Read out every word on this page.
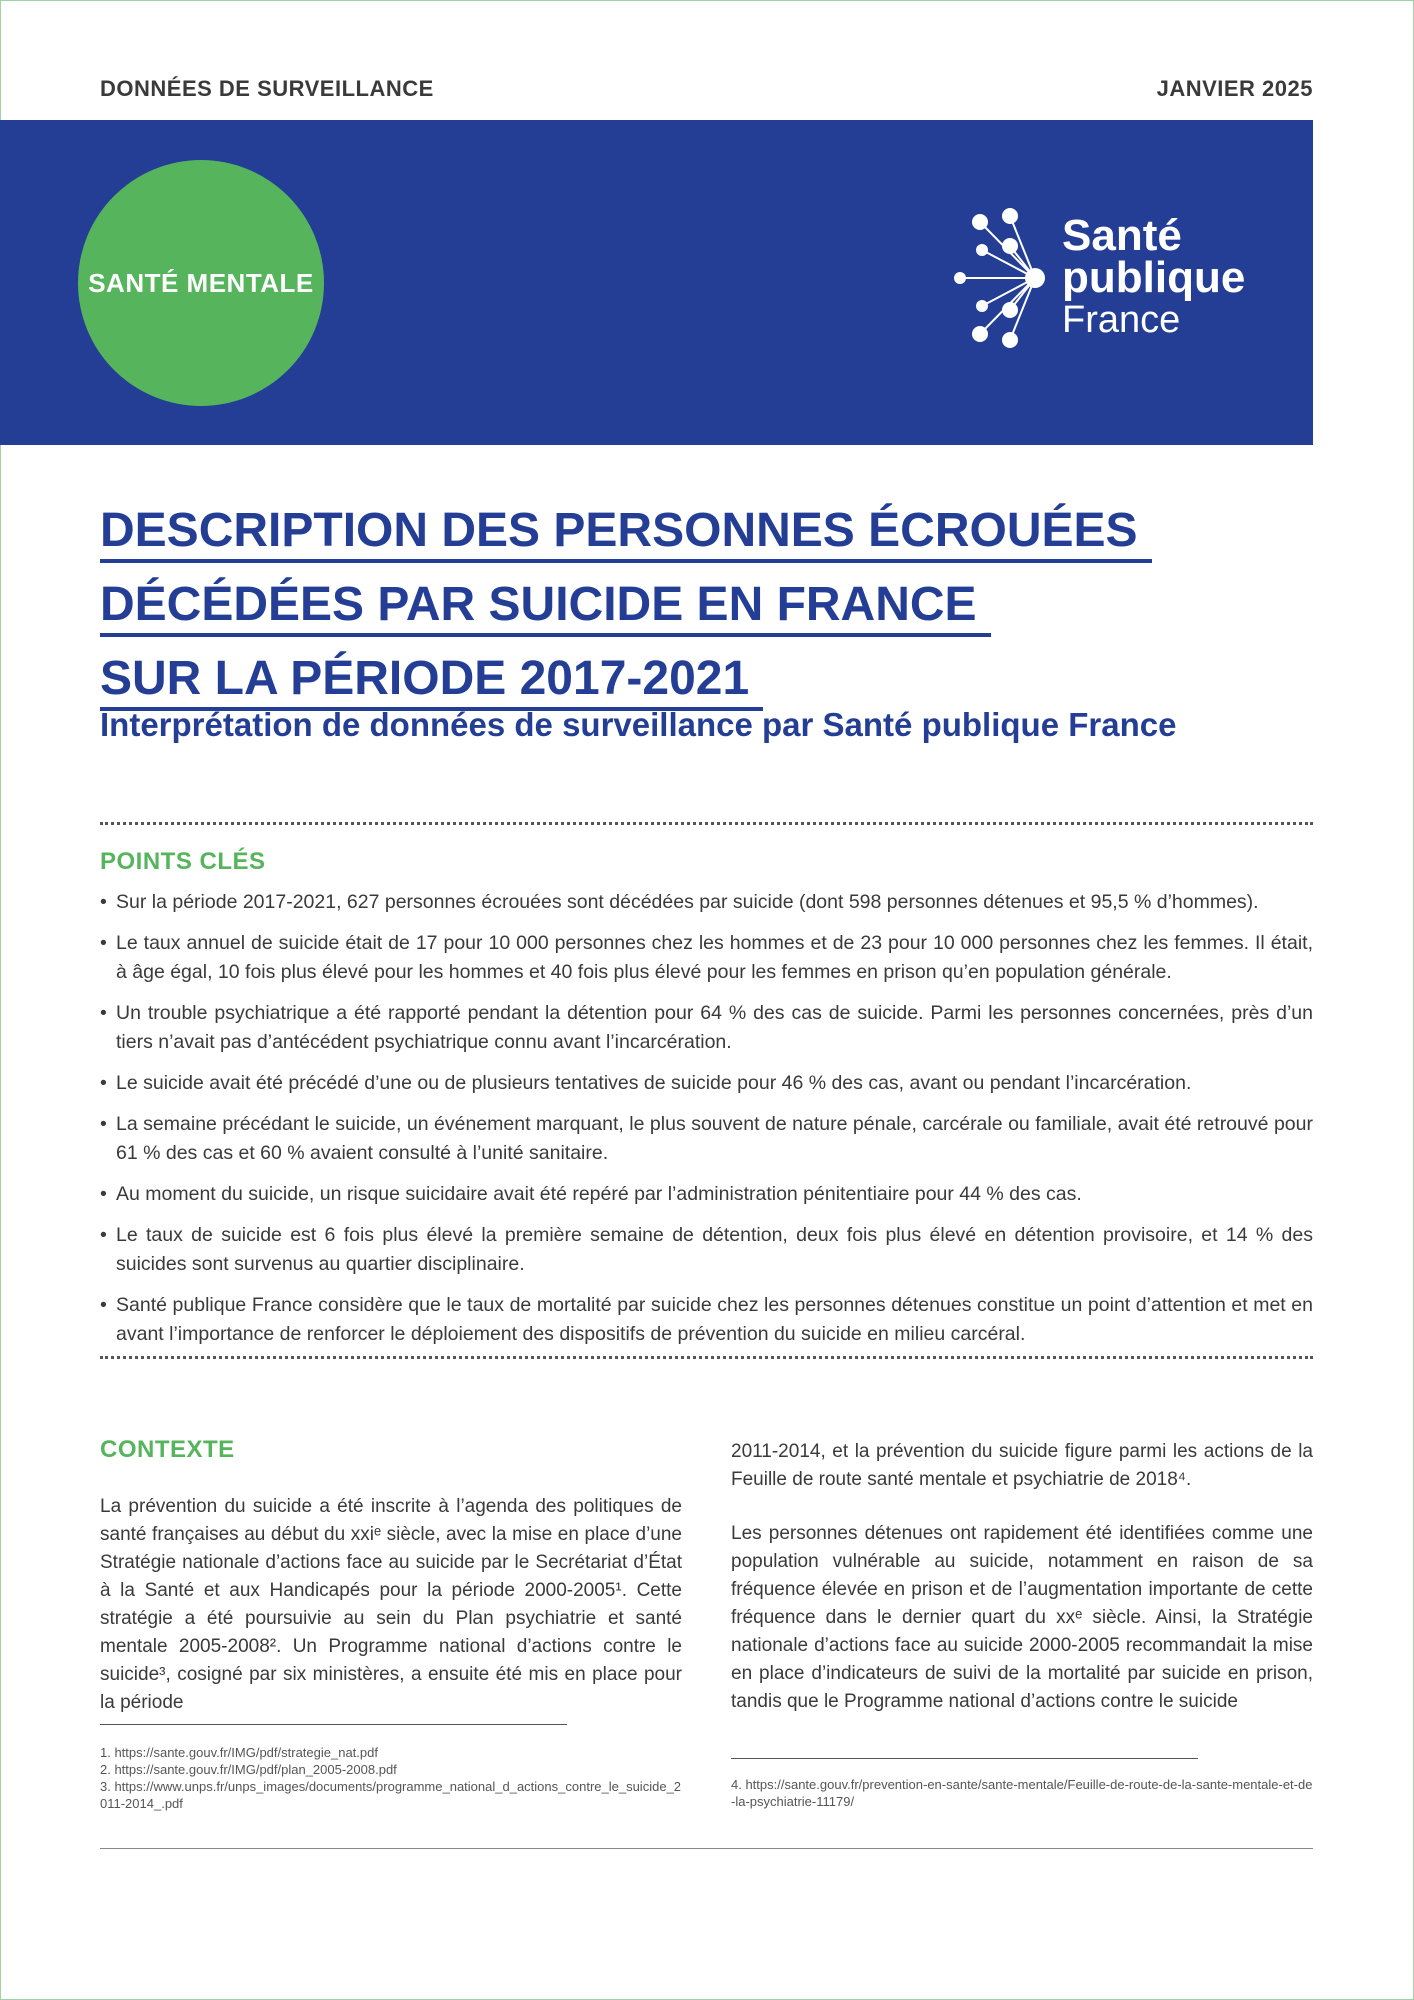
DONNÉES DE SURVEILLANCE	JANVIER 2025
SANTÉ MENTALE
Santé
publique
France
DESCRIPTION DES PERSONNES ÉCROUÉES
DÉCÉDÉES PAR SUICIDE EN FRANCE
SUR LA PÉRIODE 2017-2021
Interprétation de données de surveillance par Santé publique France
POINTS CLÉS
• Sur la période 2017-2021, 627 personnes écrouées sont décédées par suicide (dont 598 personnes détenues et 95,5 % d’hommes).
• Le taux annuel de suicide était de 17 pour 10 000 personnes chez les hommes et de 23 pour 10 000 personnes chez les femmes. Il était, à âge égal, 10 fois plus élevé pour les hommes et 40 fois plus élevé pour les femmes en prison qu’en population générale.
• Un trouble psychiatrique a été rapporté pendant la détention pour 64 % des cas de suicide. Parmi les personnes concernées, près d’un tiers n’avait pas d’antécédent psychiatrique connu avant l’incarcération.
• Le suicide avait été précédé d’une ou de plusieurs tentatives de suicide pour 46 % des cas, avant ou pendant l’incarcération.
• La semaine précédant le suicide, un événement marquant, le plus souvent de nature pénale, carcérale ou familiale, avait été retrouvé pour 61 % des cas et 60 % avaient consulté à l’unité sanitaire.
• Au moment du suicide, un risque suicidaire avait été repéré par l’administration pénitentiaire pour 44 % des cas.
• Le taux de suicide est 6 fois plus élevé la première semaine de détention, deux fois plus élevé en détention provisoire, et 14 % des suicides sont survenus au quartier disciplinaire.
• Santé publique France considère que le taux de mortalité par suicide chez les personnes détenues constitue un point d’attention et met en avant l’importance de renforcer le déploiement des dispositifs de prévention du suicide en milieu carcéral.
CONTEXTE

La prévention du suicide a été inscrite à l’agenda des politiques de santé françaises au début du xxiᵉ siècle, avec la mise en place d’une Stratégie nationale d’actions face au suicide par le Secrétariat d’État à la Santé et aux Handicapés pour la période 2000-2005¹. Cette stratégie a été poursuivie au sein du Plan psychiatrie et santé mentale 2005-2008². Un Programme national d’actions contre le suicide³, cosigné par six ministères, a ensuite été mis en place pour la période

2011-2014, et la prévention du suicide figure parmi les actions de la Feuille de route santé mentale et psychiatrie de 2018⁴.

Les personnes détenues ont rapidement été identifiées comme une population vulnérable au suicide, notamment en raison de sa fréquence élevée en prison et de l’augmentation importante de cette fréquence dans le dernier quart du xxᵉ siècle. Ainsi, la Stratégie nationale d’actions face au suicide 2000-2005 recommandait la mise en place d’indicateurs de suivi de la mortalité par suicide en prison, tandis que le Programme national d’actions contre le suicide

1. https://sante.gouv.fr/IMG/pdf/strategie_nat.pdf
2. https://sante.gouv.fr/IMG/pdf/plan_2005-2008.pdf
3. https://www.unps.fr/unps_images/documents/programme_national_d_actions_contre_le_suicide_2011-2014_.pdf
4. https://sante.gouv.fr/prevention-en-sante/sante-mentale/Feuille-de-route-de-la-sante-mentale-et-de-la-psychiatrie-11179/
